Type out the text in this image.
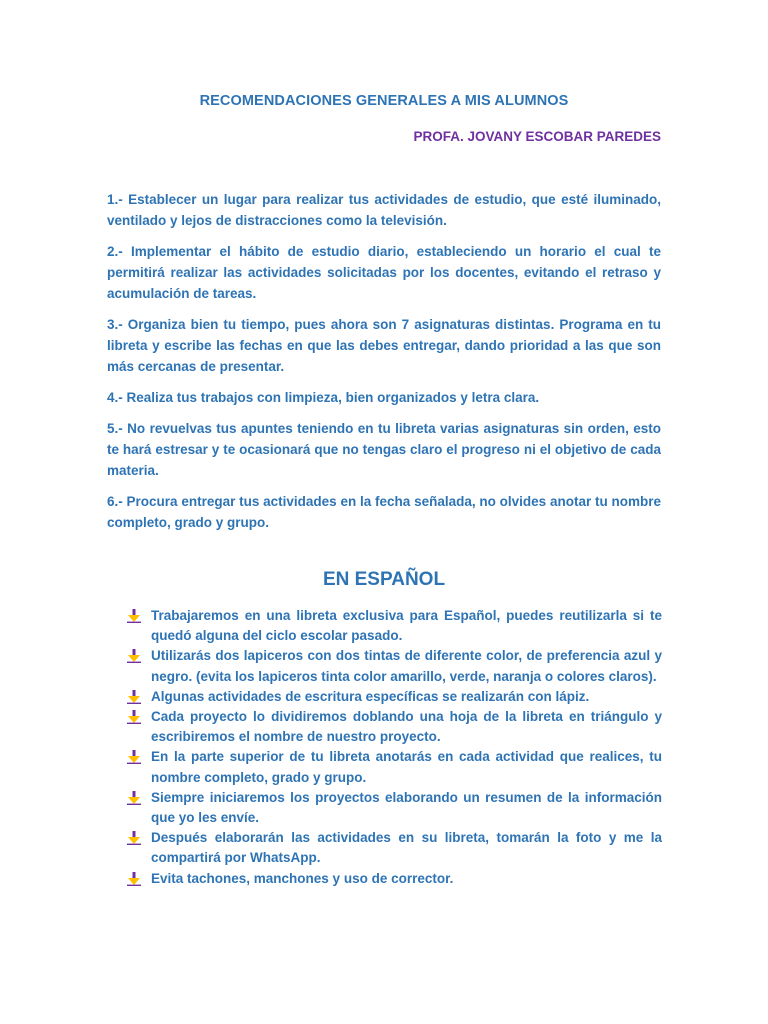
RECOMENDACIONES GENERALES A MIS ALUMNOS
PROFA. JOVANY ESCOBAR PAREDES
1.- Establecer un lugar para realizar tus actividades de estudio, que esté iluminado, ventilado y lejos de distracciones como la televisión.
2.- Implementar el hábito de estudio diario, estableciendo un horario el cual te permitirá realizar las actividades solicitadas por los docentes, evitando el retraso y acumulación de tareas.
3.- Organiza bien tu tiempo, pues ahora son 7 asignaturas distintas. Programa en tu libreta y escribe las fechas en que las debes entregar, dando prioridad a las que son más cercanas de presentar.
4.- Realiza tus trabajos con limpieza, bien organizados y letra clara.
5.- No revuelvas tus apuntes teniendo en tu libreta varias asignaturas sin orden, esto te hará estresar y te ocasionará que no tengas claro el progreso ni el objetivo de cada materia.
6.- Procura entregar tus actividades en la fecha señalada, no olvides anotar tu nombre completo, grado y grupo.
EN ESPAÑOL
Trabajaremos en una libreta exclusiva para Español, puedes reutilizarla si te quedó alguna del ciclo escolar pasado.
Utilizarás dos lapiceros con dos tintas de diferente color, de preferencia azul y negro. (evita los lapiceros tinta color amarillo, verde, naranja o colores claros).
Algunas actividades de escritura específicas se realizarán con lápiz.
Cada proyecto lo dividiremos doblando una hoja de la libreta en triángulo y escribiremos el nombre de nuestro proyecto.
En la parte superior de tu libreta anotarás en cada actividad que realices, tu nombre completo, grado y grupo.
Siempre iniciaremos los proyectos elaborando un resumen de la información que yo les envíe.
Después elaborarán las actividades en su libreta, tomarán la foto y me la compartirá por WhatsApp.
Evita tachones, manchones y uso de corrector.
